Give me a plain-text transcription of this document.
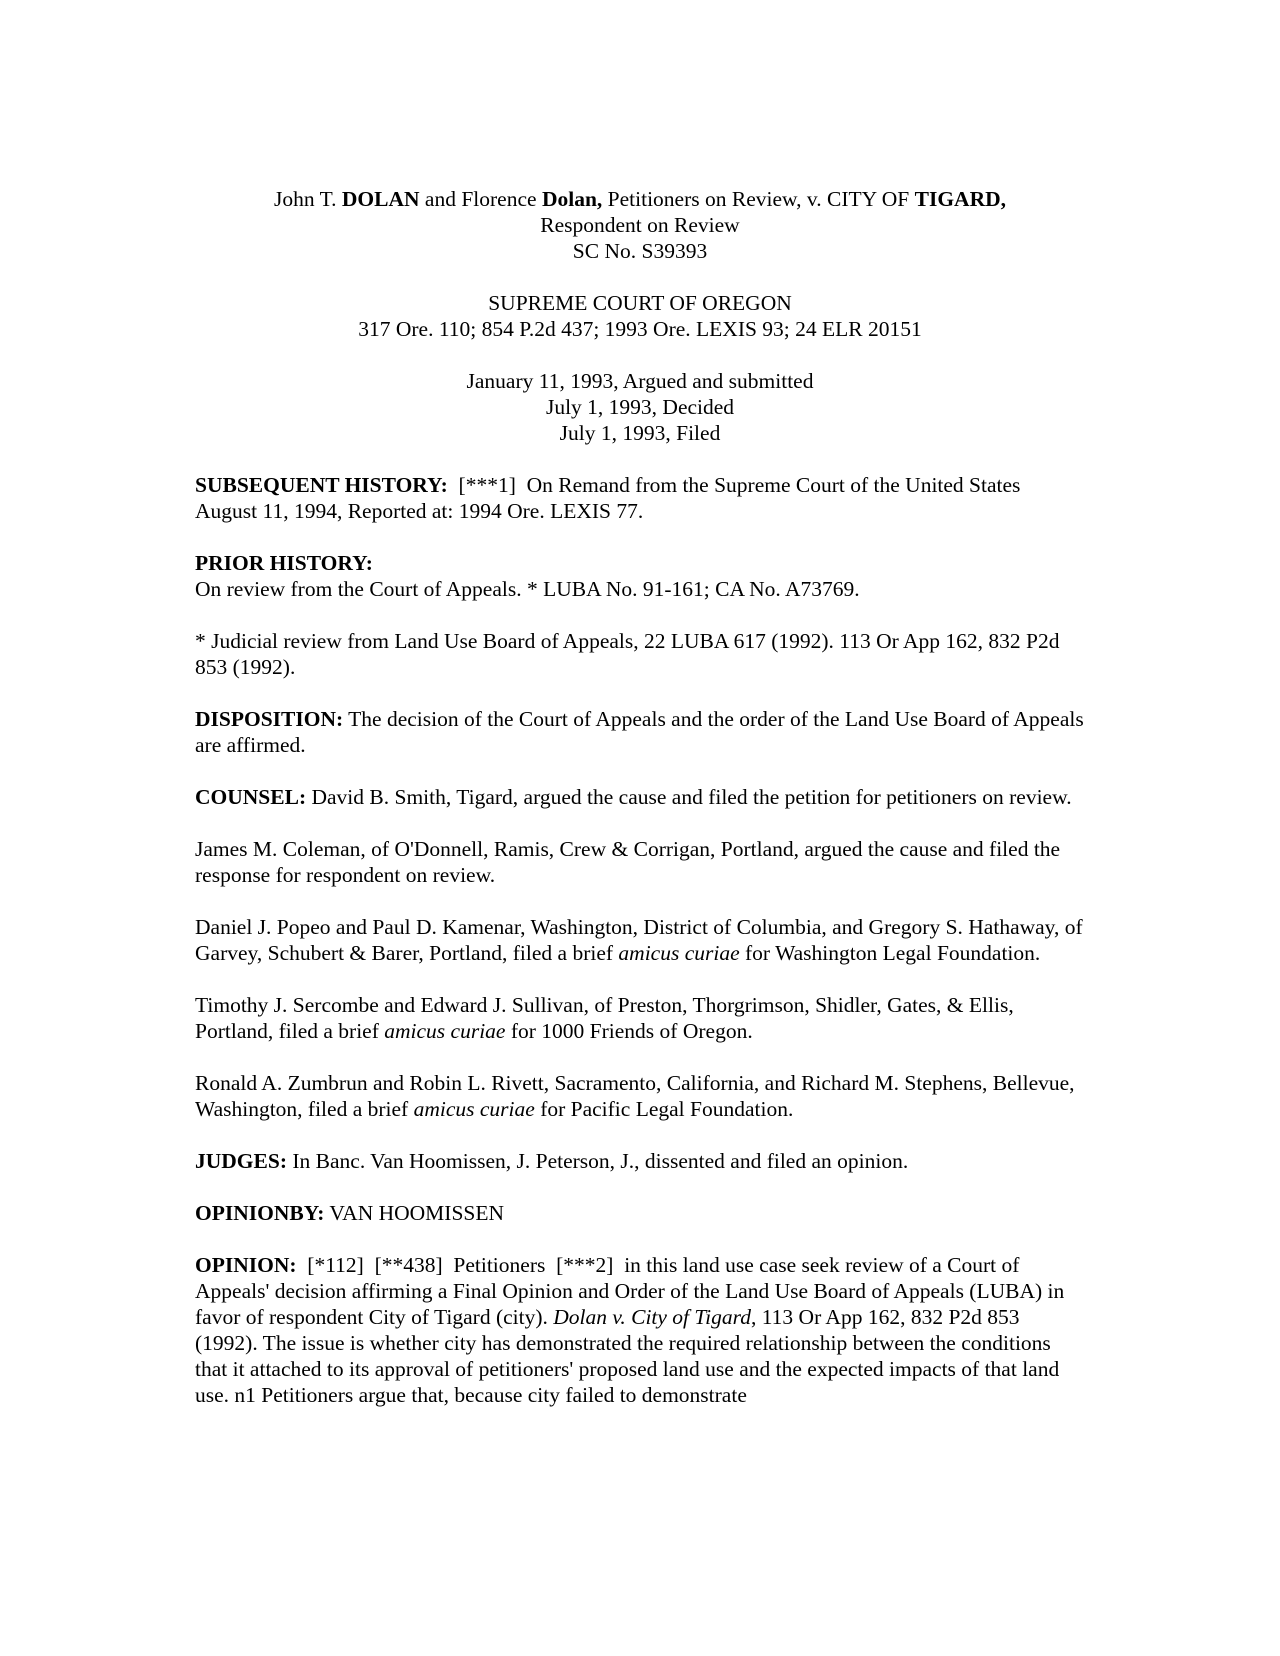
John T. DOLAN and Florence Dolan, Petitioners on Review, v. CITY OF TIGARD,
Respondent on Review
SC No. S39393
SUPREME COURT OF OREGON
317 Ore. 110; 854 P.2d 437; 1993 Ore. LEXIS 93; 24 ELR 20151
January 11, 1993, Argued and submitted
July 1, 1993, Decided
July 1, 1993, Filed

SUBSEQUENT HISTORY: [***1] On Remand from the Supreme Court of the United States August 11, 1994, Reported at: 1994 Ore. LEXIS 77.

PRIOR HISTORY:
On review from the Court of Appeals. * LUBA No. 91-161; CA No. A73769.

* Judicial review from Land Use Board of Appeals, 22 LUBA 617 (1992). 113 Or App 162, 832 P2d 853 (1992).

DISPOSITION: The decision of the Court of Appeals and the order of the Land Use Board of Appeals are affirmed.

COUNSEL: David B. Smith, Tigard, argued the cause and filed the petition for petitioners on review.

James M. Coleman, of O'Donnell, Ramis, Crew & Corrigan, Portland, argued the cause and filed the response for respondent on review.

Daniel J. Popeo and Paul D. Kamenar, Washington, District of Columbia, and Gregory S. Hathaway, of Garvey, Schubert & Barer, Portland, filed a brief amicus curiae for Washington Legal Foundation.

Timothy J. Sercombe and Edward J. Sullivan, of Preston, Thorgrimson, Shidler, Gates, & Ellis, Portland, filed a brief amicus curiae for 1000 Friends of Oregon.

Ronald A. Zumbrun and Robin L. Rivett, Sacramento, California, and Richard M. Stephens, Bellevue, Washington, filed a brief amicus curiae for Pacific Legal Foundation.

JUDGES: In Banc. Van Hoomissen, J. Peterson, J., dissented and filed an opinion.

OPINIONBY: VAN HOOMISSEN

OPINION: [*112] [**438] Petitioners [***2] in this land use case seek review of a Court of Appeals' decision affirming a Final Opinion and Order of the Land Use Board of Appeals (LUBA) in favor of respondent City of Tigard (city). Dolan v. City of Tigard, 113 Or App 162, 832 P2d 853 (1992). The issue is whether city has demonstrated the required relationship between the conditions that it attached to its approval of petitioners' proposed land use and the expected impacts of that land use. n1 Petitioners argue that, because city failed to demonstrate
